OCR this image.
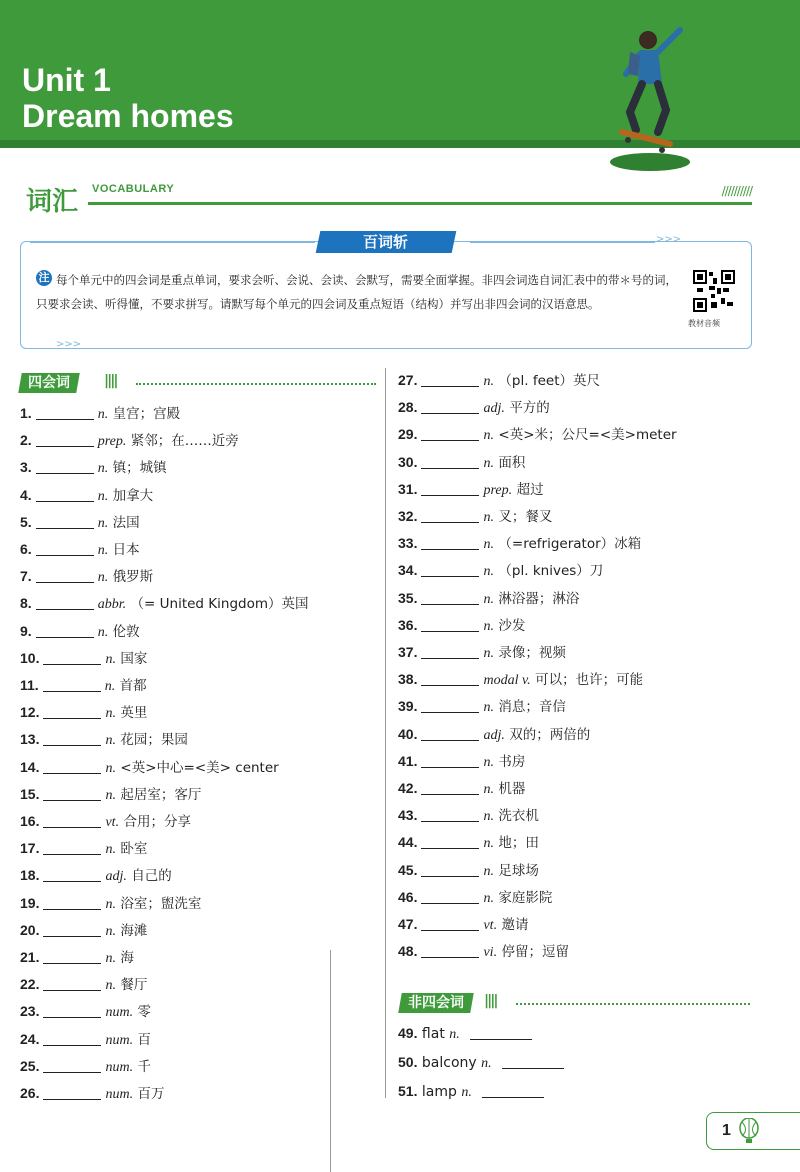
Unit 1
Dream homes
词汇 VOCABULARY	//////////
>>>
>>>
百词斩
注 每个单元中的四会词是重点单词，要求会听、会说、会读、会默写，需要全面掌握。非四会词选自词汇表中的带＊号的词，只要求会读、听得懂，不要求拼写。请默写每个单元的四会词及重点短语（结构）并写出非四会词的汉语意思。
教材音频
四会词	||||
1.	n. 皇宫；宫殿
2.	prep. 紧邻；在……近旁
3.	n. 镇；城镇
4.	n. 加拿大
5.	n. 法国
6.	n. 日本
7.	n. 俄罗斯
8.	abbr. （= United Kingdom）英国
9.	n. 伦敦
10.	n. 国家
11.	n. 首都
12.	n. 英里
13.	n. 花园；果园
14.	n. <英>中心=<美> center
15.	n. 起居室；客厅
16.	vt. 合用；分享
17.	n. 卧室
18.	adj. 自己的
19.	n. 浴室；盥洗室
20.	n. 海滩
21.	n. 海
22.	n. 餐厅
23.	num. 零
24.	num. 百
25.	num. 千
26.	num. 百万
27.	n. （pl. feet）英尺
28.	adj. 平方的
29.	n. <英>米；公尺=<美>meter
30.	n. 面积
31.	prep. 超过
32.	n. 叉；餐叉
33.	n. （=refrigerator）冰箱
34.	n. （pl. knives）刀
35.	n. 淋浴器；淋浴
36.	n. 沙发
37.	n. 录像；视频
38.	modal v. 可以；也许；可能
39.	n. 消息；音信
40.	adj. 双的；两倍的
41.	n. 书房
42.	n. 机器
43.	n. 洗衣机
44.	n. 地；田
45.	n. 足球场
46.	n. 家庭影院
47.	vt. 邀请
48.	vi. 停留；逗留
非四会词	||||
49. flat n.
50. balcony n.
51. lamp n.
1
